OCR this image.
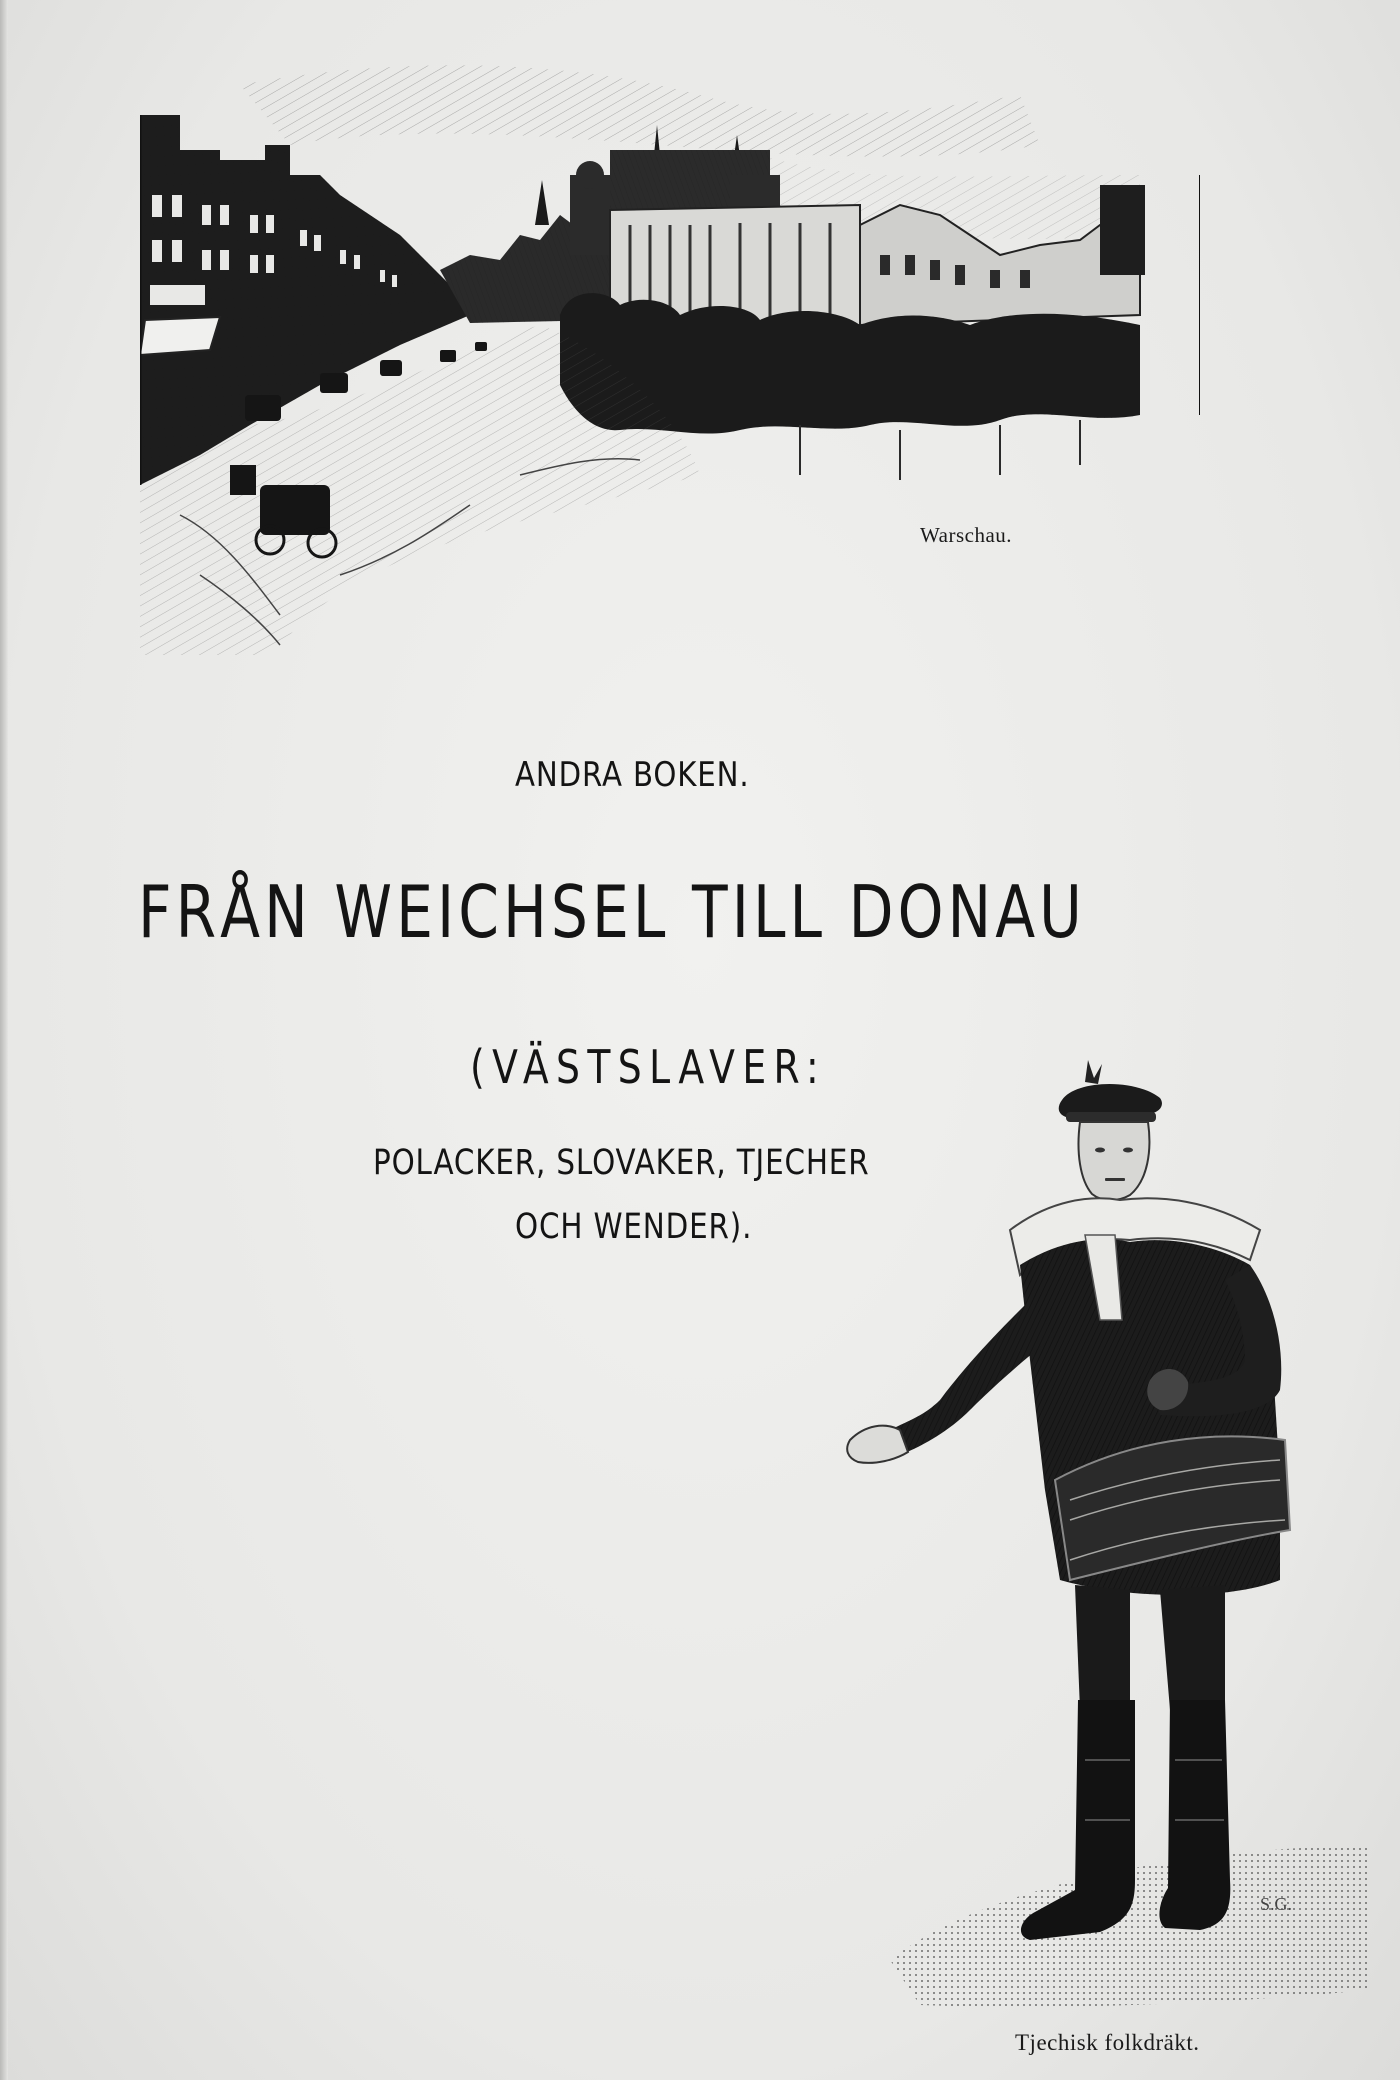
Warschau.
ANDRA BOKEN.
FRÅN WEICHSEL TILL DONAU
(VÄSTSLAVER:
POLACKER, SLOVAKER, TJECHER
OCH WENDER).
S.G.
Tjechisk folkdräkt.
